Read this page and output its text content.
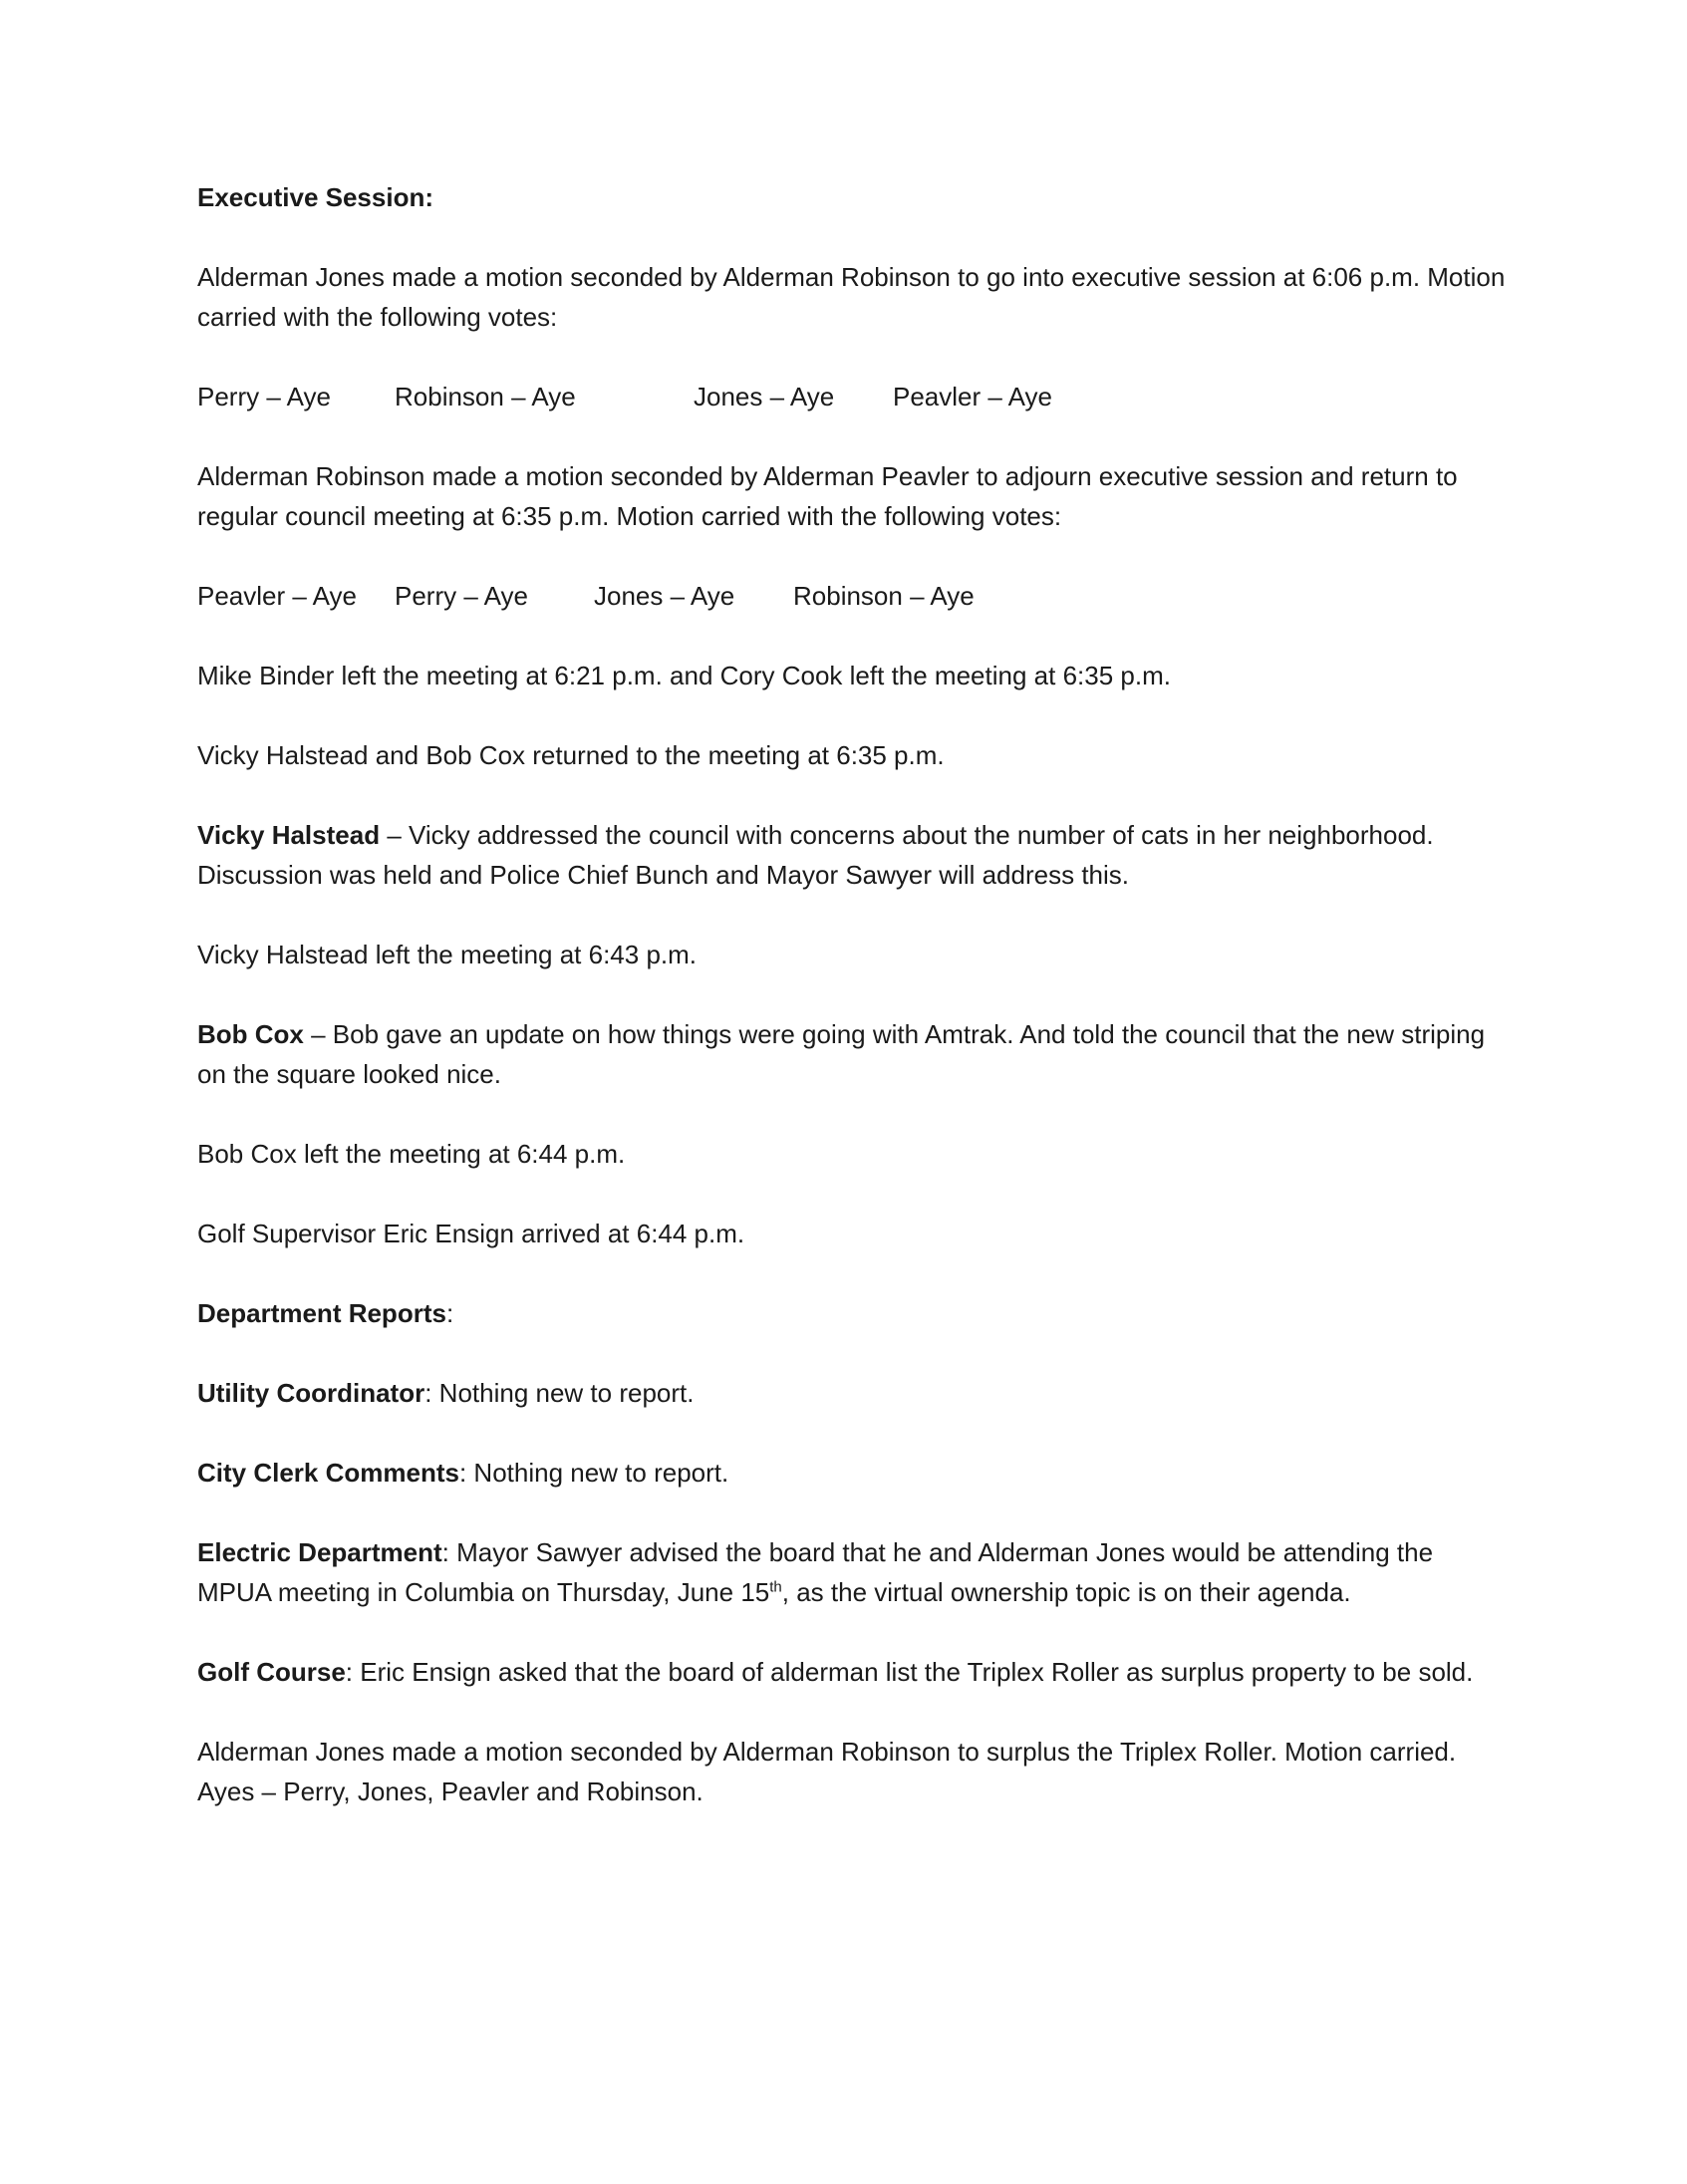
Executive Session:

Alderman Jones made a motion seconded by Alderman Robinson to go into executive session at 6:06 p.m. Motion carried with the following votes:

Perry – Aye Robinson – Aye	Jones – Aye Peavler – Aye

Alderman Robinson made a motion seconded by Alderman Peavler to adjourn executive session and return to regular council meeting at 6:35 p.m. Motion carried with the following votes:

Peavler – Aye Perry – Aye	Jones – Aye Robinson – Aye

Mike Binder left the meeting at 6:21 p.m. and Cory Cook left the meeting at 6:35 p.m.

Vicky Halstead and Bob Cox returned to the meeting at 6:35 p.m.

Vicky Halstead – Vicky addressed the council with concerns about the number of cats in her neighborhood. Discussion was held and Police Chief Bunch and Mayor Sawyer will address this.

Vicky Halstead left the meeting at 6:43 p.m.

Bob Cox – Bob gave an update on how things were going with Amtrak. And told the council that the new striping on the square looked nice.

Bob Cox left the meeting at 6:44 p.m.

Golf Supervisor Eric Ensign arrived at 6:44 p.m.

Department Reports:

Utility Coordinator: Nothing new to report.

City Clerk Comments: Nothing new to report.

Electric Department: Mayor Sawyer advised the board that he and Alderman Jones would be attending the MPUA meeting in Columbia on Thursday, June 15th, as the virtual ownership topic is on their agenda.

Golf Course: Eric Ensign asked that the board of alderman list the Triplex Roller as surplus property to be sold.

Alderman Jones made a motion seconded by Alderman Robinson to surplus the Triplex Roller. Motion carried. Ayes – Perry, Jones, Peavler and Robinson.
